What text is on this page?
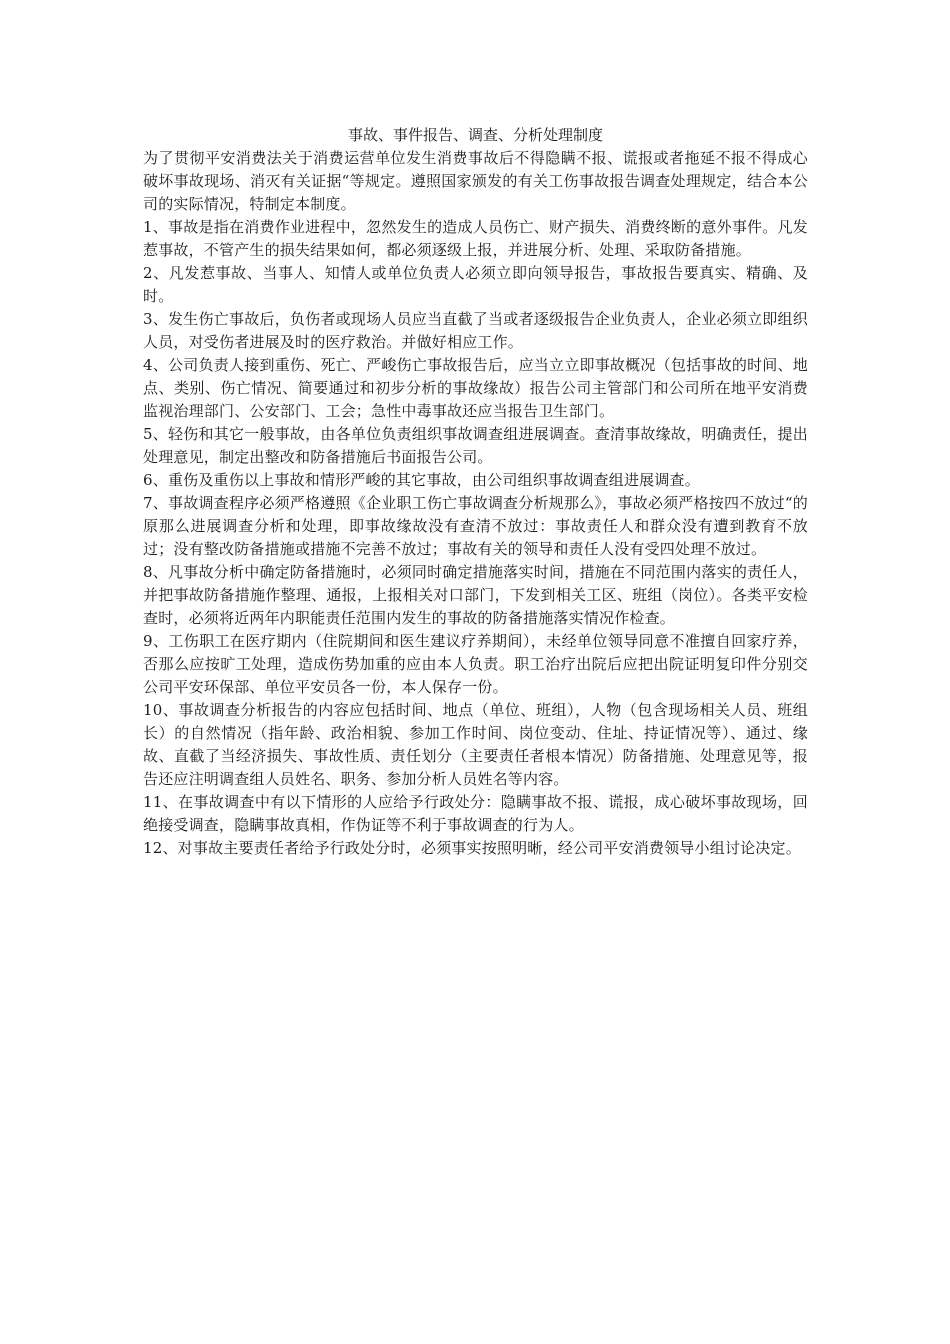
事故、事件报告、调查、分析处理制度

为了贯彻平安消费法关于消费运营单位发生消费事故后不得隐瞒不报、谎报或者拖延不报不得成心破坏事故现场、消灭有关证据“等规定。遵照国家颁发的有关工伤事故报告调查处理规定，结合本公司的实际情况，特制定本制度。

1、事故是指在消费作业进程中，忽然发生的造成人员伤亡、财产损失、消费终断的意外事件。凡发惹事故，不管产生的损失结果如何，都必须逐级上报，并进展分析、处理、采取防备措施。

2、凡发惹事故、当事人、知情人或单位负责人必须立即向领导报告，事故报告要真实、精确、及时。

3、发生伤亡事故后，负伤者或现场人员应当直截了当或者逐级报告企业负责人，企业必须立即组织人员，对受伤者进展及时的医疗救治。并做好相应工作。

4、公司负责人接到重伤、死亡、严峻伤亡事故报告后，应当立立即事故概况（包括事故的时间、地点、类别、伤亡情况、简要通过和初步分析的事故缘故）报告公司主管部门和公司所在地平安消费监视治理部门、公安部门、工会；急性中毒事故还应当报告卫生部门。

5、轻伤和其它一般事故，由各单位负责组织事故调查组进展调查。查清事故缘故，明确责任，提出处理意见，制定出整改和防备措施后书面报告公司。

6、重伤及重伤以上事故和情形严峻的其它事故，由公司组织事故调查组进展调查。

7、事故调查程序必须严格遵照《企业职工伤亡事故调查分析规那么》，事故必须严格按四不放过“的原那么进展调查分析和处理，即事故缘故没有查清不放过：事故责任人和群众没有遭到教育不放过；没有整改防备措施或措施不完善不放过；事故有关的领导和责任人没有受四处理不放过。

8、凡事故分析中确定防备措施时，必须同时确定措施落实时间，措施在不同范围内落实的责任人，并把事故防备措施作整理、通报，上报相关对口部门，下发到相关工区、班组（岗位）。各类平安检查时，必须将近两年内职能责任范围内发生的事故的防备措施落实情况作检查。

9、工伤职工在医疗期内（住院期间和医生建议疗养期间），未经单位领导同意不准擅自回家疗养，否那么应按旷工处理，造成伤势加重的应由本人负责。职工治疗出院后应把出院证明复印件分别交公司平安环保部、单位平安员各一份，本人保存一份。

10、事故调查分析报告的内容应包括时间、地点（单位、班组），人物（包含现场相关人员、班组长）的自然情况（指年龄、政治相貌、参加工作时间、岗位变动、住址、持证情况等）、通过、缘故、直截了当经济损失、事故性质、责任划分（主要责任者根本情况）防备措施、处理意见等，报告还应注明调查组人员姓名、职务、参加分析人员姓名等内容。

11、在事故调查中有以下情形的人应给予行政处分：隐瞒事故不报、谎报，成心破坏事故现场，回绝接受调查，隐瞒事故真相，作伪证等不利于事故调查的行为人。

12、对事故主要责任者给予行政处分时，必须事实按照明晰，经公司平安消费领导小组讨论决定。
